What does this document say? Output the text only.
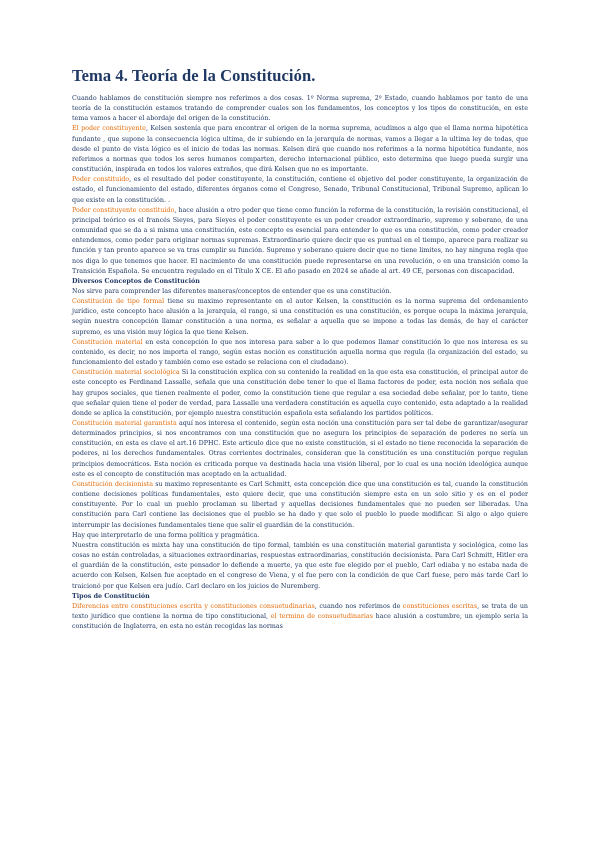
Tema 4. Teoría de la Constitución.

Cuando hablamos de constitución siempre nos referimos a dos cosas. 1º Norma suprema, 2º Estado, cuando hablamos por tanto de una teoría de la constitución estamos tratando de comprender cuales son los fundamentos, los conceptos y los tipos de constitución, en este tema vamos a hacer el abordaje del origen de la constitución.

El poder constituyente, Kelsen sostenía que para encontrar el origen de la norma suprema, acudimos a algo que el llama norma hipotética fundante , que supone la consecuencia lógica ultima, de ir subiendo en la jerarquía de normas, vamos a llegar a la ultima ley de todas, que desde el punto de vista lógico es el inicio de todas las normas. Kelsen dirá que cuando nos referimos a la norma hipotética fundante, nos referimos a normas que todos los seres humanos comparten, derecho internacional público, esto determina que luego pueda surgir una constitución, inspirada en todos los valores extraños, que dirá Kelsen que no es importante.

Poder constituido, es el resultado del poder constituyente, la constitución, contiene el objetivo del poder constituyente, la organización de estado, el funcionamiento del estado, diferentes órganos como el Congreso, Senado, Tribunal Constitucional, Tribunal Supremo, aplican lo que existe en la constitución. .

Poder constituyente constituido, hace alusión a otro poder que tiene como función la reforma de la constitución, la revisión constitucional, el principal teórico es el francés Sieyes, para Sieyes el poder constituyente es un poder creador extraordinario, supremo y soberano, de una comunidad que se da a si misma una constitución, este concepto es esencial para entender lo que es una constitución, como poder creador entendemos, como poder para originar normas supremas. Extraordinario quiere decir que es puntual en el tiempo, aparece para realizar su función y tan pronto aparece se va tras cumplir su función. Supremo y soberano quiere decir que no tiene limites, no hay ninguna regla que nos diga lo que tenemos que hacer. El nacimiento de una constitución puede representarse en una revolución, o en una transición como la Transición Española. Se encuentra regulado en el Título X CE. El año pasado en 2024 se añade al art. 49 CE, personas con discapacidad.

Diversos Conceptos de Constitución

Nos sirve para comprender las diferentes maneras/conceptos de entender que es una constitución.

Constitución de tipo formal tiene su maximo representante en el autor Kelsen, la constitución es la norma suprema del ordenamiento jurídico, este concepto hace alusión a la jerarquía, el rango, si una constitución es una constitución, es porque ocupa la máxima jerarquía, según nuestra concepción llamar constitución a una norma, es señalar a aquella que se impone a todas las demás, de hay el carácter supremo, es una visión muy lógica la que tiene Kelsen.

Constitución material en esta concepción lo que nos interesa para saber a lo que podemos llamar constitución lo que nos interesa es su contenido, es decir, no nos importa el rango, según estas noción es constitución aquella norma que regula (la organización del estado, su funcionamiento del estado y también como ese estado se relaciona con el ciudadano).

Constitución material sociológica Si la constitución explica con su contenido la realidad en la que esta esa constitución, el principal autor de este concepto es Ferdinand Lassalle, señala que una constitución debe tener lo que el llama factores de poder, esta noción nos señala que hay grupos sociales, que tienen realmente el poder, como la constitución tiene que regular a esa sociedad debe señalar, por lo tanto, tiene que señalar quien tiene el poder de verdad, para Lassalle una verdadera constitución es aquella cuyo contenido, esta adaptado a la realidad donde se aplica la constitución, por ejemplo nuestra constitución española esta señalando los partidos políticos.

Constitución material garantista aquí nos interesa el contenido, según esta noción una constitución para ser tal debe de garantizar/asegurar determinados principios, si nos encontramos con una constitución que no asegura los principios de separación de poderes no sería un constitución, en esta es clave el art.16 DPHC. Este articulo dice que no existe constitución, si el estado no tiene reconocida la separación de poderes, ni los derechos fundamentales. Otras corrientes doctrinales, consideran que la constitución es una constitución porque regulan principios democráticos. Esta noción es criticada porque va destinada hacia una visión liberal, por lo cual es una noción ideológica aunque este es el concepto de constitución mas aceptado en la actualidad.

Constitución decisionista su maximo representante es Carl Schmitt, esta concepción dice que una constitución es tal, cuando la constitución contiene decisiones políticas fundamentales, esto quiere decir, que una constitución siempre esta en un solo sitio y es en el poder constituyente. Por lo cual un pueblo proclaman su libertad y aquellas decisiones fundamentales que no pueden ser liberadas. Una constitución para Carl contiene las decisiones que el pueblo se ha dado y que solo el pueblo lo puede modificar. Si algo o algo quiere interrumpir las decisiones fundamentales tiene que salir el guardián de la constitución.

Hay que interpretarlo de una forma política y pragmática.

Nuestra constitución es mixta hay una constitución de tipo formal, también es una constitución material garantista y sociológica, como las cosas no están controladas, a situaciones extraordinarias, respuestas extraordinarias, constitución decisionista. Para Carl Schmitt, Hitler era el guardián de la constitución, este pensador lo defiende a muerte, ya que este fue elegido por el pueblo, Carl odiaba y no estaba nada de acuerdo con Kelsen, Kelsen fue aceptado en el congreso de Viena, y el fue pero con la condición de que Carl fuese, pero más tarde Carl lo traicionó por que Kelsen era judío. Carl declaro en los juicios de Nuremberg.

Tipos de Constitución

Diferencias entre constituciones escrita y constituciones consuetudinarias, cuando nos referimos de constituciones escritas, se trata de un texto jurídico que contiene la norma de tipo constitucional, el termino de consuetudinarias hace alusión a costumbre, un ejemplo seria la constitución de Inglaterra, en esta no están recogidas las normas
